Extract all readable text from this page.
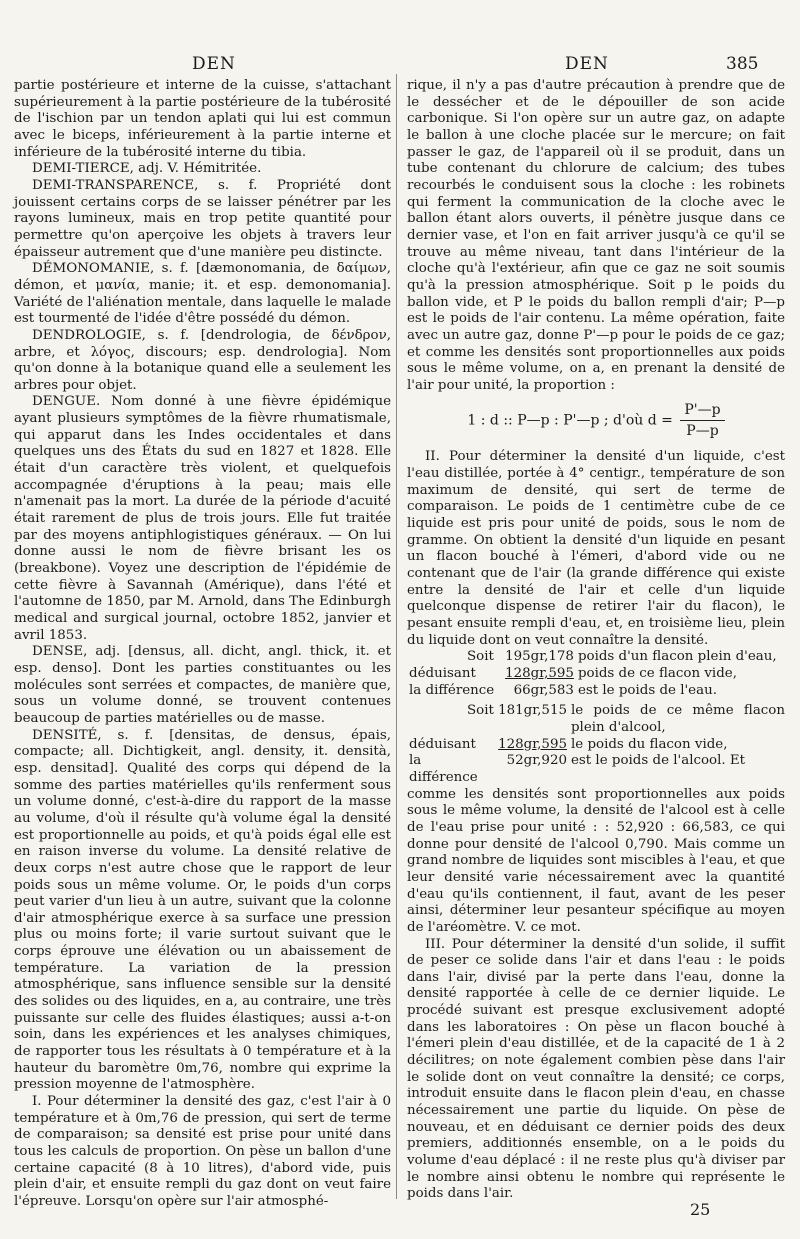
DEN	DEN	385

partie postérieure et interne de la cuisse, s'attachant supérieurement à la partie postérieure de la tubérosité de l'ischion par un tendon aplati qui lui est commun avec le biceps, inférieurement à la partie interne et inférieure de la tubérosité interne du tibia.

DEMI-TIERCE, adj. V. Hémitritée.

DEMI-TRANSPARENCE, s. f. Propriété dont jouissent certains corps de se laisser pénétrer par les rayons lumineux, mais en trop petite quantité pour permettre qu'on aperçoive les objets à travers leur épaisseur autrement que d'une manière peu distincte.

DÉMONOMANIE, s. f. [dæmonomania, de δαίμων, démon, et μανία, manie; it. et esp. demonomania]. Variété de l'aliénation mentale, dans laquelle le malade est tourmenté de l'idée d'être possédé du démon.

DENDROLOGIE, s. f. [dendrologia, de δένδρον, arbre, et λόγος, discours; esp. dendrologia]. Nom qu'on donne à la botanique quand elle a seulement les arbres pour objet.

DENGUE. Nom donné à une fièvre épidémique ayant plusieurs symptômes de la fièvre rhumatismale, qui apparut dans les Indes occidentales et dans quelques uns des États du sud en 1827 et 1828. Elle était d'un caractère très violent, et quelquefois accompagnée d'éruptions à la peau; mais elle n'amenait pas la mort. La durée de la période d'acuité était rarement de plus de trois jours. Elle fut traitée par des moyens antiphlogistiques généraux. — On lui donne aussi le nom de fièvre brisant les os (breakbone). Voyez une description de l'épidémie de cette fièvre à Savannah (Amérique), dans l'été et l'automne de 1850, par M. Arnold, dans The Edinburgh medical and surgical journal, octobre 1852, janvier et avril 1853.

DENSE, adj. [densus, all. dicht, angl. thick, it. et esp. denso]. Dont les parties constituantes ou les molécules sont serrées et compactes, de manière que, sous un volume donné, se trouvent contenues beaucoup de parties matérielles ou de masse.

DENSITÉ, s. f. [densitas, de densus, épais, compacte; all. Dichtigkeit, angl. density, it. densità, esp. densitad]. Qualité des corps qui dépend de la somme des parties matérielles qu'ils renferment sous un volume donné, c'est-à-dire du rapport de la masse au volume, d'où il résulte qu'à volume égal la densité est proportionnelle au poids, et qu'à poids égal elle est en raison inverse du volume. La densité relative de deux corps n'est autre chose que le rapport de leur poids sous un même volume. Or, le poids d'un corps peut varier d'un lieu à un autre, suivant que la colonne d'air atmosphérique exerce à sa surface une pression plus ou moins forte; il varie surtout suivant que le corps éprouve une élévation ou un abaissement de température. La variation de la pression atmosphérique, sans influence sensible sur la densité des solides ou des liquides, en a, au contraire, une très puissante sur celle des fluides élastiques; aussi a-t-on soin, dans les expériences et les analyses chimiques, de rapporter tous les résultats à 0 température et à la hauteur du baromètre 0m,76, nombre qui exprime la pression moyenne de l'atmosphère.

I. Pour déterminer la densité des gaz, c'est l'air à 0 température et à 0m,76 de pression, qui sert de terme de comparaison; sa densité est prise pour unité dans tous les calculs de proportion. On pèse un ballon d'une certaine capacité (8 à 10 litres), d'abord vide, puis plein d'air, et ensuite rempli du gaz dont on veut faire l'épreuve. Lorsqu'on opère sur l'air atmosphé-

rique, il n'y a pas d'autre précaution à prendre que de le dessécher et de le dépouiller de son acide carbonique. Si l'on opère sur un autre gaz, on adapte le ballon à une cloche placée sur le mercure; on fait passer le gaz, de l'appareil où il se produit, dans un tube contenant du chlorure de calcium; des tubes recourbés le conduisent sous la cloche : les robinets qui ferment la communication de la cloche avec le ballon étant alors ouverts, il pénètre jusque dans ce dernier vase, et l'on en fait arriver jusqu'à ce qu'il se trouve au même niveau, tant dans l'intérieur de la cloche qu'à l'extérieur, afin que ce gaz ne soit soumis qu'à la pression atmosphérique. Soit p le poids du ballon vide, et P le poids du ballon rempli d'air; P—p est le poids de l'air contenu. La même opération, faite avec un autre gaz, donne P'—p pour le poids de ce gaz; et comme les densités sont proportionnelles aux poids sous le même volume, on a, en prenant la densité de l'air pour unité, la proportion :

1 : d :: P—p : P'—p ; d'où $d = \frac{P'—p}{P—p}$

II. Pour déterminer la densité d'un liquide, c'est l'eau distillée, portée à 4° centigr., température de son maximum de densité, qui sert de terme de comparaison. Le poids de 1 centimètre cube de ce liquide est pris pour unité de poids, sous le nom de gramme. On obtient la densité d'un liquide en pesant un flacon bouché à l'émeri, d'abord vide ou ne contenant que de l'air (la grande différence qui existe entre la densité de l'air et celle d'un liquide quelconque dispense de retirer l'air du flacon), le pesant ensuite rempli d'eau, et, en troisième lieu, plein du liquide dont on veut connaître la densité.

Soit	195gr,178	poids d'un flacon plein d'eau,
déduisant	128gr,595	poids de ce flacon vide,
la différence	66gr,583	est le poids de l'eau.
Soit	181gr,515	le poids de ce même flacon plein d'alcool,
déduisant	128gr,595	le poids du flacon vide,
la différence	52gr,920	est le poids de l'alcool. Et

comme les densités sont proportionnelles aux poids sous le même volume, la densité de l'alcool est à celle de l'eau prise pour unité : : 52,920 : 66,583, ce qui donne pour densité de l'alcool 0,790. Mais comme un grand nombre de liquides sont miscibles à l'eau, et que leur densité varie nécessairement avec la quantité d'eau qu'ils contiennent, il faut, avant de les peser ainsi, déterminer leur pesanteur spécifique au moyen de l'aréomètre. V. ce mot.

III. Pour déterminer la densité d'un solide, il suffit de peser ce solide dans l'air et dans l'eau : le poids dans l'air, divisé par la perte dans l'eau, donne la densité rapportée à celle de ce dernier liquide. Le procédé suivant est presque exclusivement adopté dans les laboratoires : On pèse un flacon bouché à l'émeri plein d'eau distillée, et de la capacité de 1 à 2 décilitres; on note également combien pèse dans l'air le solide dont on veut connaître la densité; ce corps, introduit ensuite dans le flacon plein d'eau, en chasse nécessairement une partie du liquide. On pèse de nouveau, et en déduisant ce dernier poids des deux premiers, additionnés ensemble, on a le poids du volume d'eau déplacé : il ne reste plus qu'à diviser par le nombre ainsi obtenu le nombre qui représente le poids dans l'air.

25
